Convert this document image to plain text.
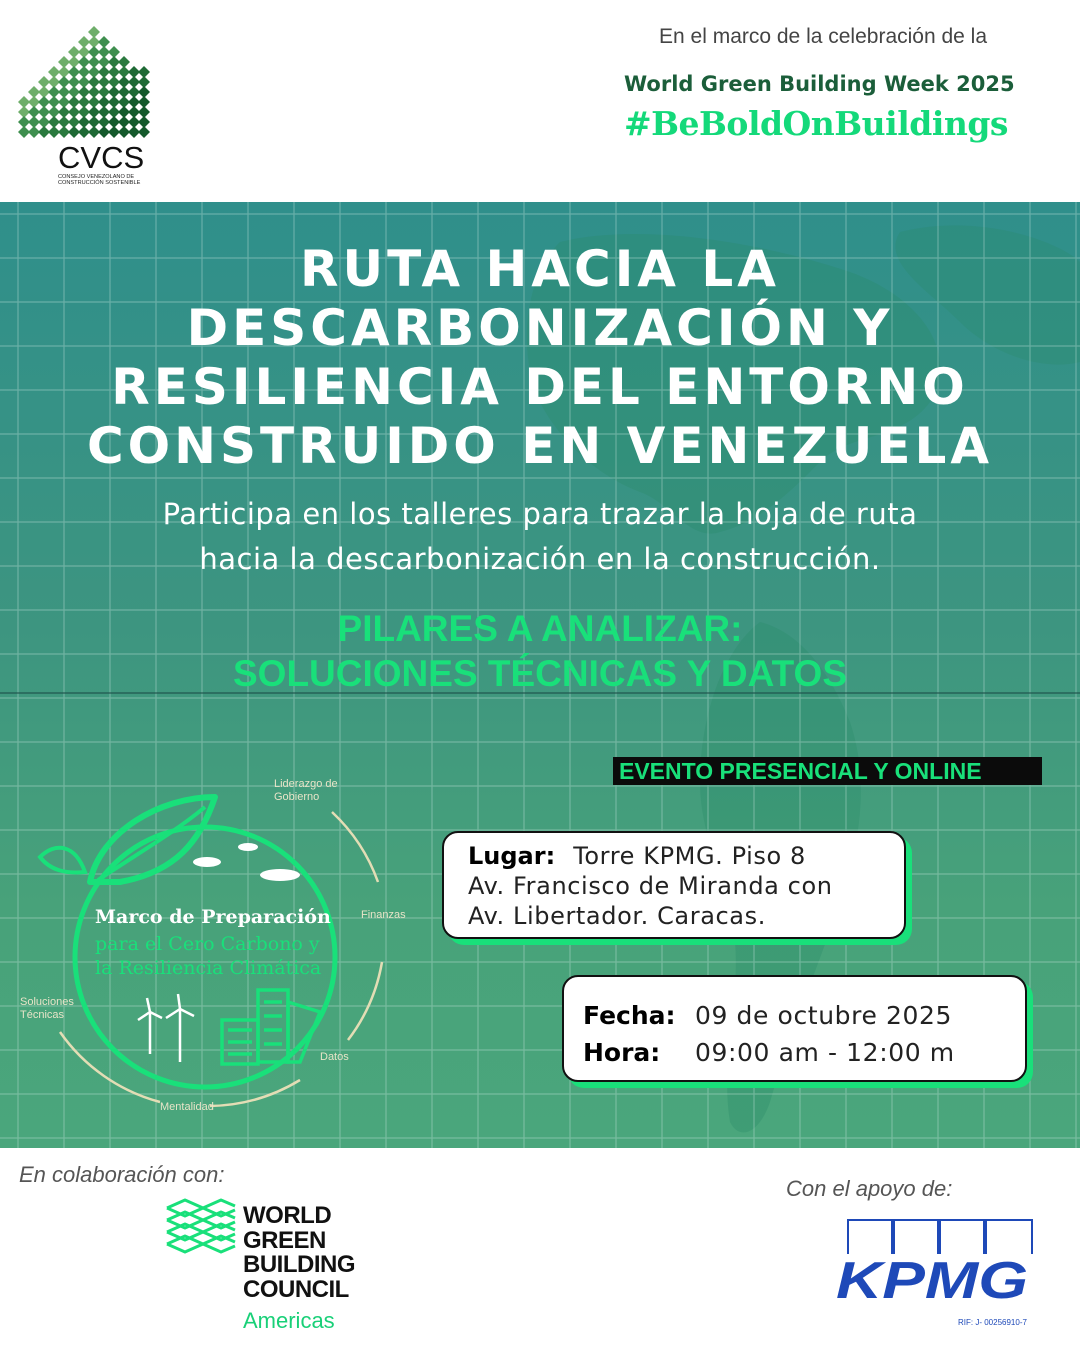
CVCS
CONSEJO VENEZOLANO DE CONSTRUCCIÓN SOSTENIBLE
En el marco de la celebración de la
World Green Building Week 2025
#BeBoldOnBuildings
RUTA HACIA LA
DESCARBONIZACIÓN Y
RESILIENCIA DEL ENTORNO
CONSTRUIDO EN VENEZUELA
Participa en los talleres para trazar la hoja de ruta
hacia la descarbonización en la construcción.
PILARES A ANALIZAR:
SOLUCIONES TÉCNICAS Y DATOS
EVENTO PRESENCIAL Y ONLINE
Lugar: Torre KPMG. Piso 8
Av. Francisco de Miranda con
Av. Libertador. Caracas.
Fecha: 09 de octubre 2025
Hora: 09:00 am - 12:00 m
Marco de Preparación
para el Cero Carbono y
la Resiliencia Climática
Liderazgo de
Gobierno
Finanzas
Datos
Mentalidad
Soluciones
Técnicas
En colaboración con:
WORLD
GREEN
BUILDING
COUNCIL
Americas
Con el apoyo de:
KPMG
RIF: J- 00256910-7
